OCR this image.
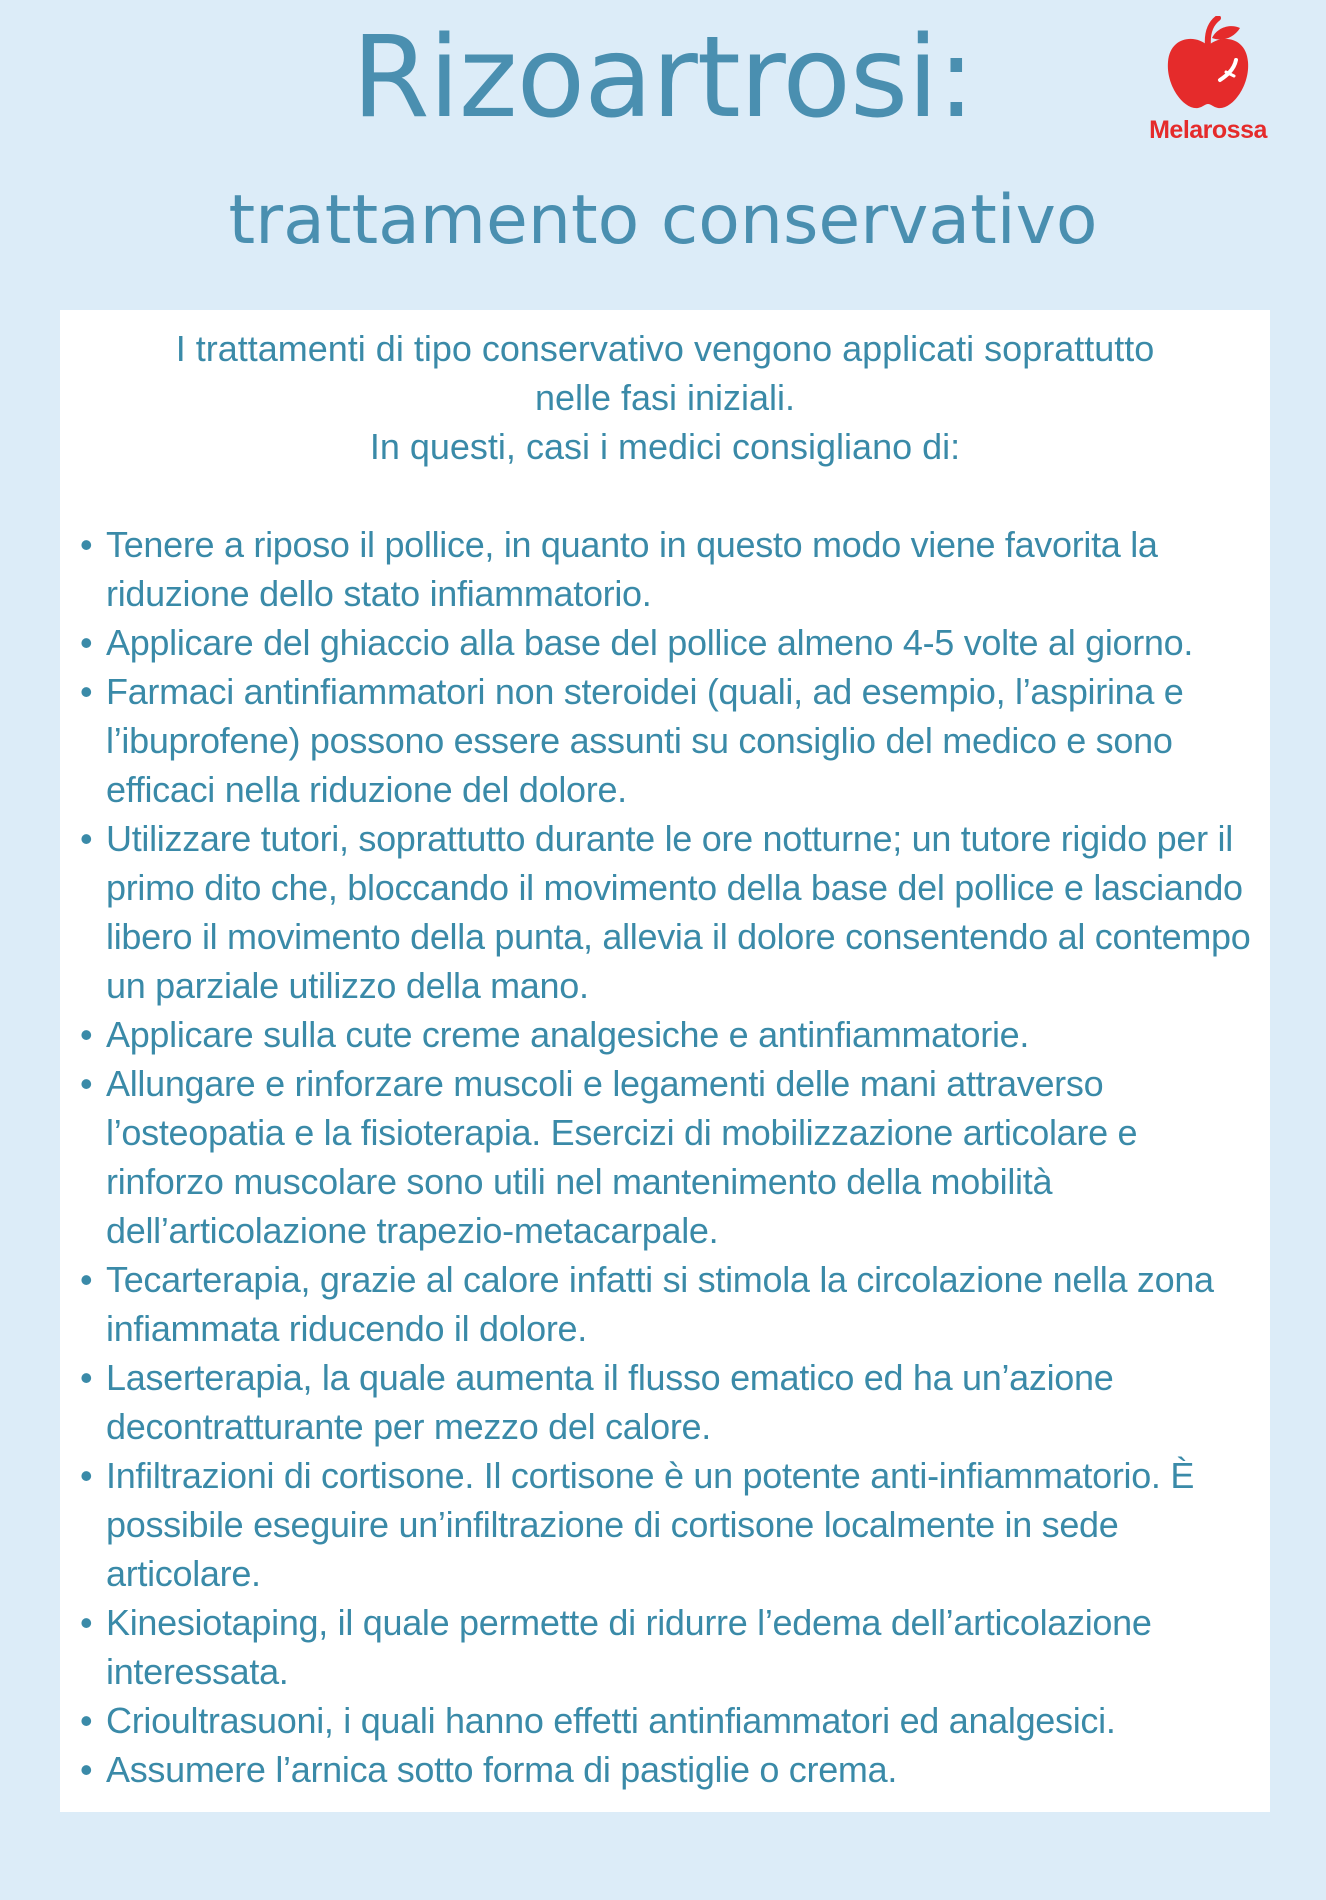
Rizoartrosi:
trattamento conservativo
Melarossa

I trattamenti di tipo conservativo vengono applicati soprattutto

nelle fasi iniziali.

In questi, casi i medici consigliano di:

• Tenere a riposo il pollice, in quanto in questo modo viene favorita la riduzione dello stato infiammatorio.
• Applicare del ghiaccio alla base del pollice almeno 4-5 volte al giorno.
• Farmaci antinfiammatori non steroidei (quali, ad esempio, l’aspirina e l’ibuprofene) possono essere assunti su consiglio del medico e sono efficaci nella riduzione del dolore.
• Utilizzare tutori, soprattutto durante le ore notturne; un tutore rigido per il primo dito che, bloccando il movimento della base del pollice e lasciando libero il movimento della punta, allevia il dolore consentendo al contempo un parziale utilizzo della mano.
• Applicare sulla cute creme analgesiche e antinfiammatorie.
• Allungare e rinforzare muscoli e legamenti delle mani attraverso l’osteopatia e la fisioterapia. Esercizi di mobilizzazione articolare e rinforzo muscolare sono utili nel mantenimento della mobilità dell’articolazione trapezio-metacarpale.
• Tecarterapia, grazie al calore infatti si stimola la circolazione nella zona infiammata riducendo il dolore.
• Laserterapia, la quale aumenta il flusso ematico ed ha un’azione decontratturante per mezzo del calore.
• Infiltrazioni di cortisone. Il cortisone è un potente anti-infiammatorio. È possibile eseguire un’infiltrazione di cortisone localmente in sede articolare.
• Kinesiotaping, il quale permette di ridurre l’edema dell’articolazione interessata.
• Crioultrasuoni, i quali hanno effetti antinfiammatori ed analgesici.
• Assumere l’arnica sotto forma di pastiglie o crema.
